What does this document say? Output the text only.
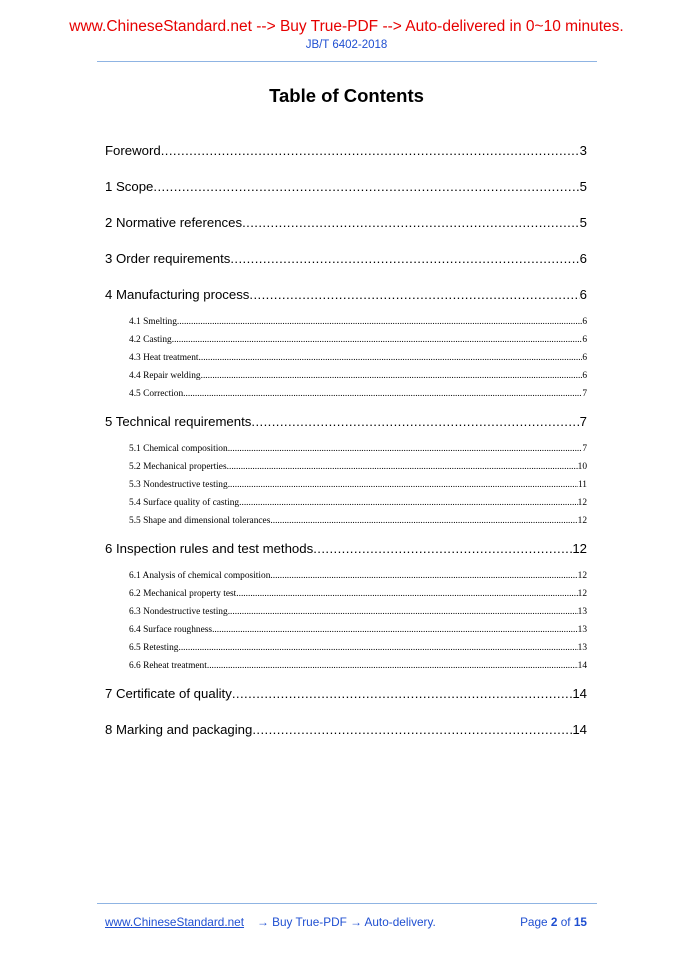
www.ChineseStandard.net --> Buy True-PDF --> Auto-delivered in 0~10 minutes.
JB/T 6402-2018
Table of Contents
Foreword .....	3
1 Scope .....	5
2 Normative references .....	5
3 Order requirements .....	6
4 Manufacturing process .....	6
4.1 Smelting .....	6
4.2 Casting .....	6
4.3 Heat treatment .....	6
4.4 Repair welding .....	6
4.5 Correction .....	7
5 Technical requirements .....	7
5.1 Chemical composition .....	7
5.2 Mechanical properties .....	10
5.3 Nondestructive testing .....	11
5.4 Surface quality of casting .....	12
5.5 Shape and dimensional tolerances .....	12
6 Inspection rules and test methods .....	12
6.1 Analysis of chemical composition .....	12
6.2 Mechanical property test .....	12
6.3 Nondestructive testing .....	13
6.4 Surface roughness .....	13
6.5 Retesting .....	13
6.6 Reheat treatment .....	14
7 Certificate of quality .....	14
8 Marking and packaging .....	14
www.ChineseStandard.net → Buy True-PDF → Auto-delivery.	Page 2 of 15
